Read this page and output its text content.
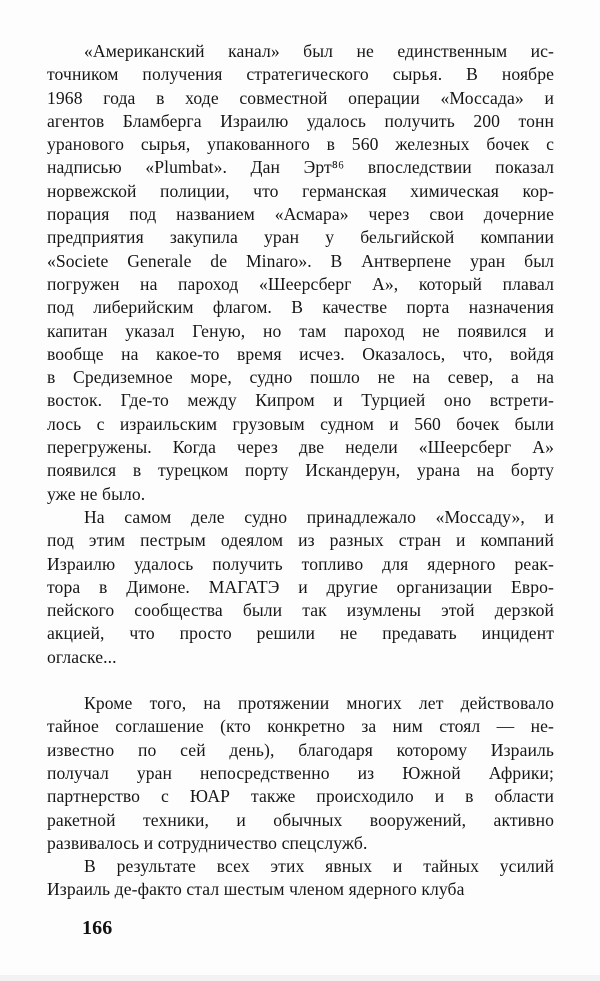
«Американский канал» был не единственным ис-
точником получения стратегического сырья. В ноябре
1968 года в ходе совместной операции «Моссада» и
агентов Бламберга Израилю удалось получить 200 тонн
уранового сырья, упакованного в 560 железных бочек с
надписью «Plumbat». Дан Эрт⁸⁶ впоследствии показал
норвежской полиции, что германская химическая кор-
порация под названием «Асмара» через свои дочерние
предприятия закупила уран у бельгийской компании
«Societe Generale de Minaro». В Антверпене уран был
погружен на пароход «Шеерсберг А», который плавал
под либерийским флагом. В качестве порта назначения
капитан указал Геную, но там пароход не появился и
вообще на какое-то время исчез. Оказалось, что, войдя
в Средиземное море, судно пошло не на север, а на
восток. Где-то между Кипром и Турцией оно встрети-
лось с израильским грузовым судном и 560 бочек были
перегружены. Когда через две недели «Шеерсберг А»
появился в турецком порту Искандерун, урана на борту
уже не было.
На самом деле судно принадлежало «Моссаду», и
под этим пестрым одеялом из разных стран и компаний
Израилю удалось получить топливо для ядерного реак-
тора в Димоне. МАГАТЭ и другие организации Евро-
пейского сообщества были так изумлены этой дерзкой
акцией, что просто решили не предавать инцидент
огласке...
Кроме того, на протяжении многих лет действовало
тайное соглашение (кто конкретно за ним стоял — не-
известно по сей день), благодаря которому Израиль
получал уран непосредственно из Южной Африки;
партнерство с ЮАР также происходило и в области
ракетной техники, и обычных вооружений, активно
развивалось и сотрудничество спецслужб.
В результате всех этих явных и тайных усилий
Израиль де-факто стал шестым членом ядерного клуба
166
